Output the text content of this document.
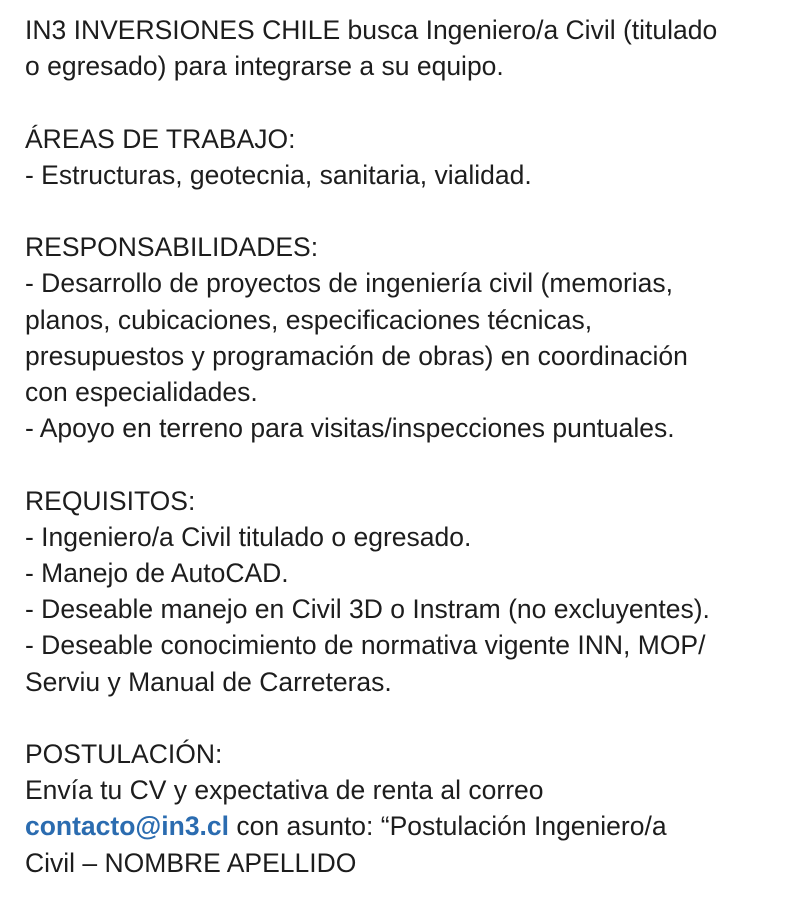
IN3 INVERSIONES CHILE busca Ingeniero/a Civil (titulado

o egresado) para integrarse a su equipo.

ÁREAS DE TRABAJO:

- Estructuras, geotecnia, sanitaria, vialidad.

RESPONSABILIDADES:

- Desarrollo de proyectos de ingeniería civil (memorias,

planos, cubicaciones, especificaciones técnicas,

presupuestos y programación de obras) en coordinación

con especialidades.

- Apoyo en terreno para visitas/inspecciones puntuales.

REQUISITOS:

- Ingeniero/a Civil titulado o egresado.

- Manejo de AutoCAD.

- Deseable manejo en Civil 3D o Instram (no excluyentes).

- Deseable conocimiento de normativa vigente INN, MOP/

Serviu y Manual de Carreteras.

POSTULACIÓN:

Envía tu CV y expectativa de renta al correo

contacto@in3.cl con asunto: “Postulación Ingeniero/a

Civil – NOMBRE APELLIDO
